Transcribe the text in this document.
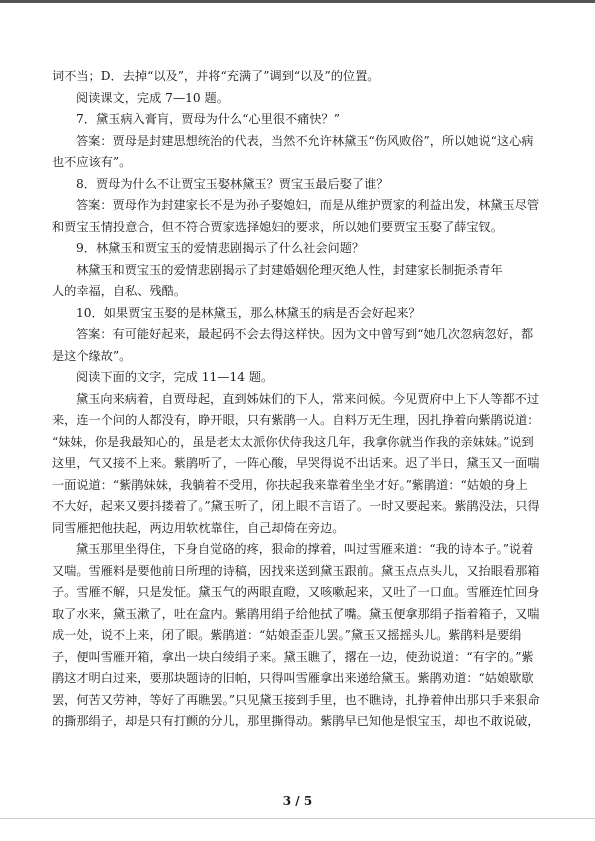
词不当；D．去掉“以及”，并将“充满了”调到“以及”的位置。
阅读课文，完成 7—10 题。
7．黛玉病入膏肓，贾母为什么“心里很不痛快？”
答案：贾母是封建思想统治的代表，当然不允许林黛玉“伤风败俗”，所以她说“这心病
也不应该有”。
8．贾母为什么不让贾宝玉娶林黛玉？贾宝玉最后娶了谁？
答案：贾母作为封建家长不是为孙子娶媳妇，而是从维护贾家的利益出发，林黛玉尽管
和贾宝玉情投意合，但不符合贾家选择媳妇的要求，所以她们要贾宝玉娶了薛宝钗。
9．林黛玉和贾宝玉的爱情悲剧揭示了什么社会问题？
林黛玉和贾宝玉的爱情悲剧揭示了封建婚姻伦理灭绝人性，封建家长制扼杀青年
人的幸福，自私、残酷。
10．如果贾宝玉娶的是林黛玉，那么林黛玉的病是否会好起来？
答案：有可能好起来，最起码不会去得这样快。因为文中曾写到“她几次忽病忽好，都
是这个缘故”。
阅读下面的文字，完成 11—14 题。
黛玉向来病着，自贾母起，直到姊妹们的下人，常来问候。今见贾府中上下人等都不过
来，连一个问的人都没有，睁开眼，只有紫鹃一人。自料万无生理，因扎挣着向紫鹃说道：
“妹妹，你是我最知心的，虽是老太太派你伏侍我这几年，我拿你就当作我的亲妹妹。”说到
这里，气又接不上来。紫鹃听了，一阵心酸，早哭得说不出话来。迟了半日，黛玉又一面喘
一面说道：“紫鹃妹妹，我躺着不受用，你扶起我来靠着坐坐才好。”紫鹃道：“姑娘的身上
不大好，起来又要抖搂着了。”黛玉听了，闭上眼不言语了。一时又要起来。紫鹃没法，只得
同雪雁把他扶起，两边用软枕靠住，自己却倚在旁边。
黛玉那里坐得住，下身自觉硌的疼，狠命的撑着，叫过雪雁来道：“我的诗本子。”说着
又喘。雪雁料是要他前日所理的诗稿，因找来送到黛玉跟前。黛玉点点头儿，又抬眼看那箱
子。雪雁不解，只是发怔。黛玉气的两眼直瞪，又咳嗽起来，又吐了一口血。雪雁连忙回身
取了水来，黛玉漱了，吐在盒内。紫鹃用绢子给他拭了嘴。黛玉便拿那绢子指着箱子，又喘
成一处，说不上来，闭了眼。紫鹃道：“姑娘歪歪儿罢。”黛玉又摇摇头儿。紫鹃料是要绢
子，便叫雪雁开箱，拿出一块白绫绢子来。黛玉瞧了，撂在一边，使劲说道：“有字的。”紫
鹃这才明白过来，要那块题诗的旧帕，只得叫雪雁拿出来递给黛玉。紫鹃劝道：“姑娘歇歇
罢，何苦又劳神，等好了再瞧罢。”只见黛玉接到手里，也不瞧诗，扎挣着伸出那只手来狠命
的撕那绢子，却是只有打颤的分儿，那里撕得动。紫鹃早已知他是恨宝玉，却也不敢说破，
3 / 5
